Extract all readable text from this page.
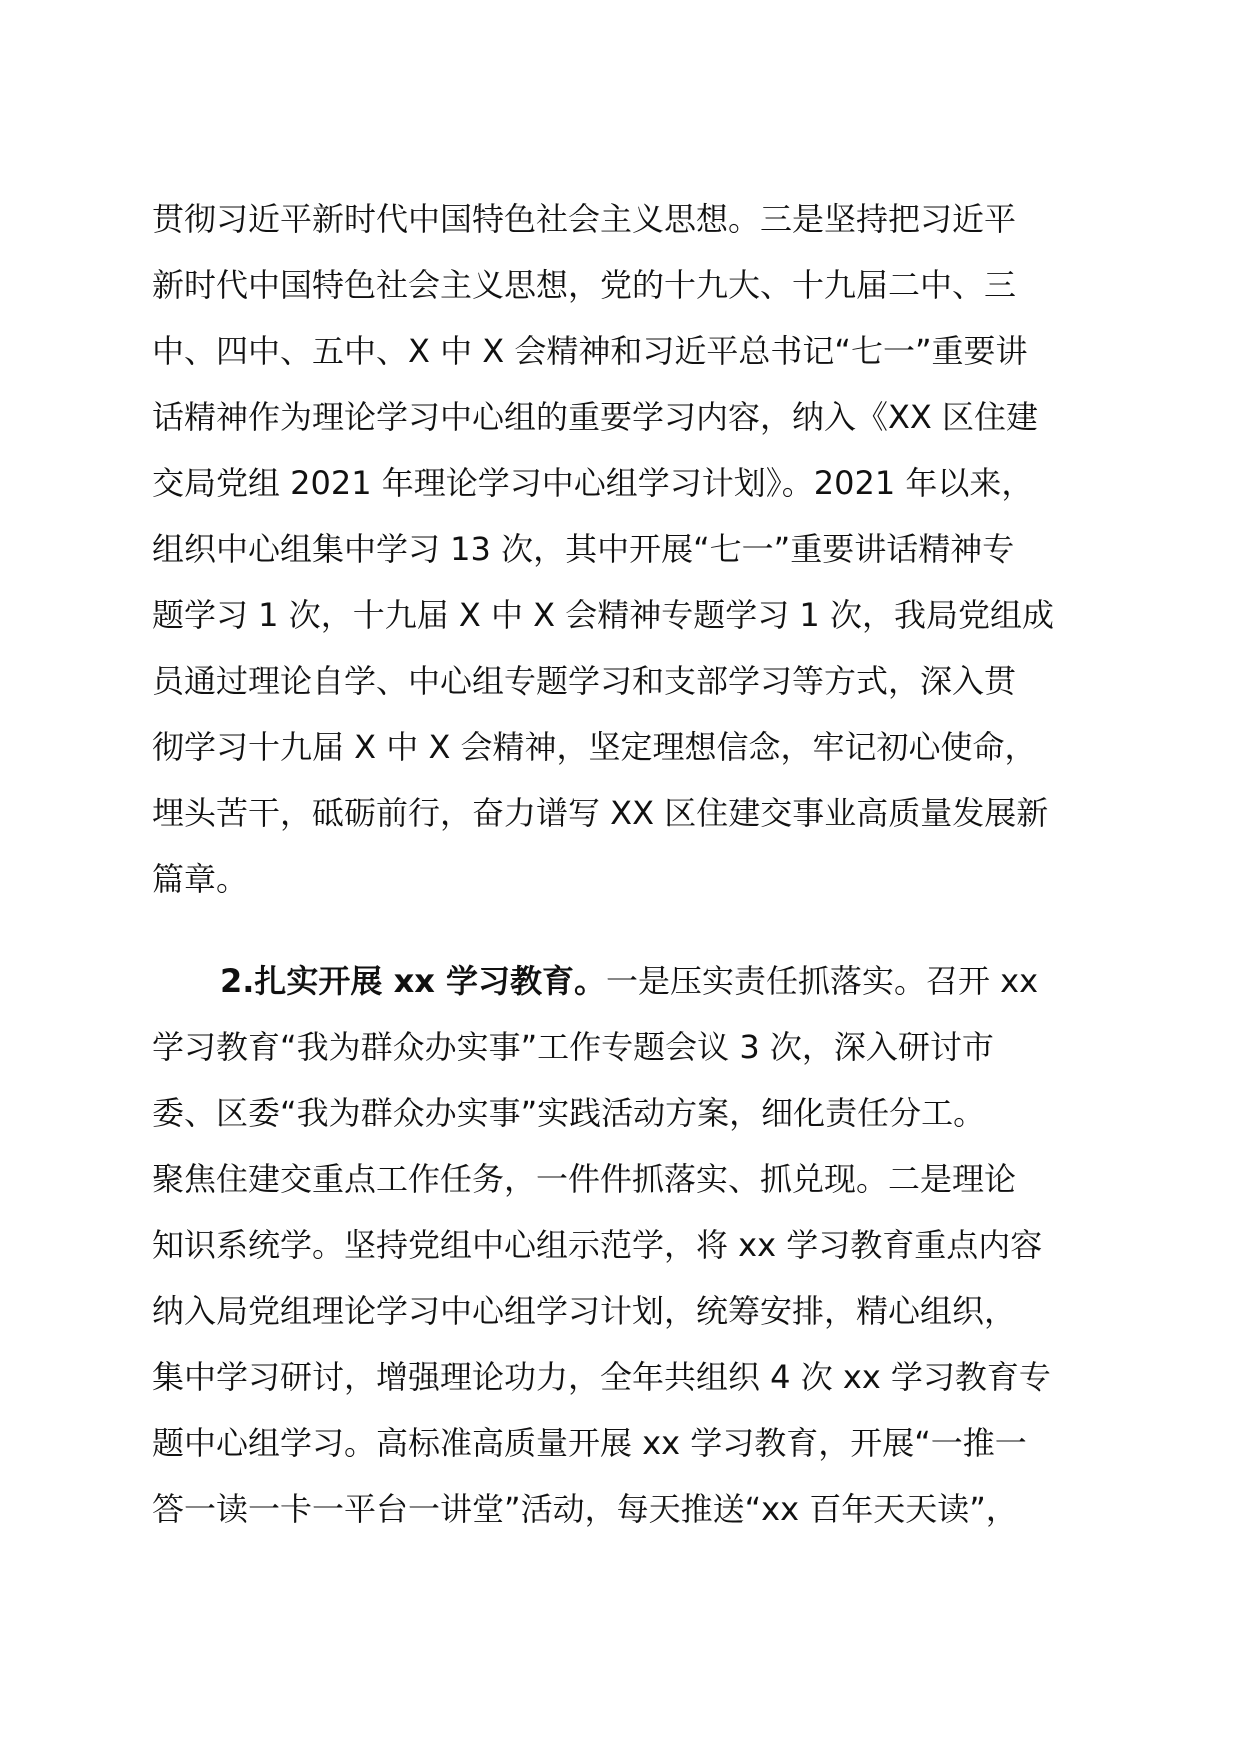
贯彻习近平新时代中国特色社会主义思想。三是坚持把习近平
新时代中国特色社会主义思想，党的十九大、十九届二中、三
中、四中、五中、X 中 X 会精神和习近平总书记“七一”重要讲
话精神作为理论学习中心组的重要学习内容，纳入《XX 区住建
交局党组 2021 年理论学习中心组学习计划》。2021 年以来，
组织中心组集中学习 13 次，其中开展“七一”重要讲话精神专
题学习 1 次，十九届 X 中 X 会精神专题学习 1 次，我局党组成
员通过理论自学、中心组专题学习和支部学习等方式，深入贯
彻学习十九届 X 中 X 会精神，坚定理想信念，牢记初心使命，
埋头苦干，砥砺前行，奋力谱写 XX 区住建交事业高质量发展新
篇章。
2.扎实开展 xx 学习教育。一是压实责任抓落实。召开 xx
学习教育“我为群众办实事”工作专题会议 3 次，深入研讨市
委、区委“我为群众办实事”实践活动方案，细化责任分工。
聚焦住建交重点工作任务，一件件抓落实、抓兑现。二是理论
知识系统学。坚持党组中心组示范学，将 xx 学习教育重点内容
纳入局党组理论学习中心组学习计划，统筹安排，精心组织，
集中学习研讨，增强理论功力，全年共组织 4 次 xx 学习教育专
题中心组学习。高标准高质量开展 xx 学习教育，开展“一推一
答一读一卡一平台一讲堂”活动，每天推送“xx 百年天天读”，
